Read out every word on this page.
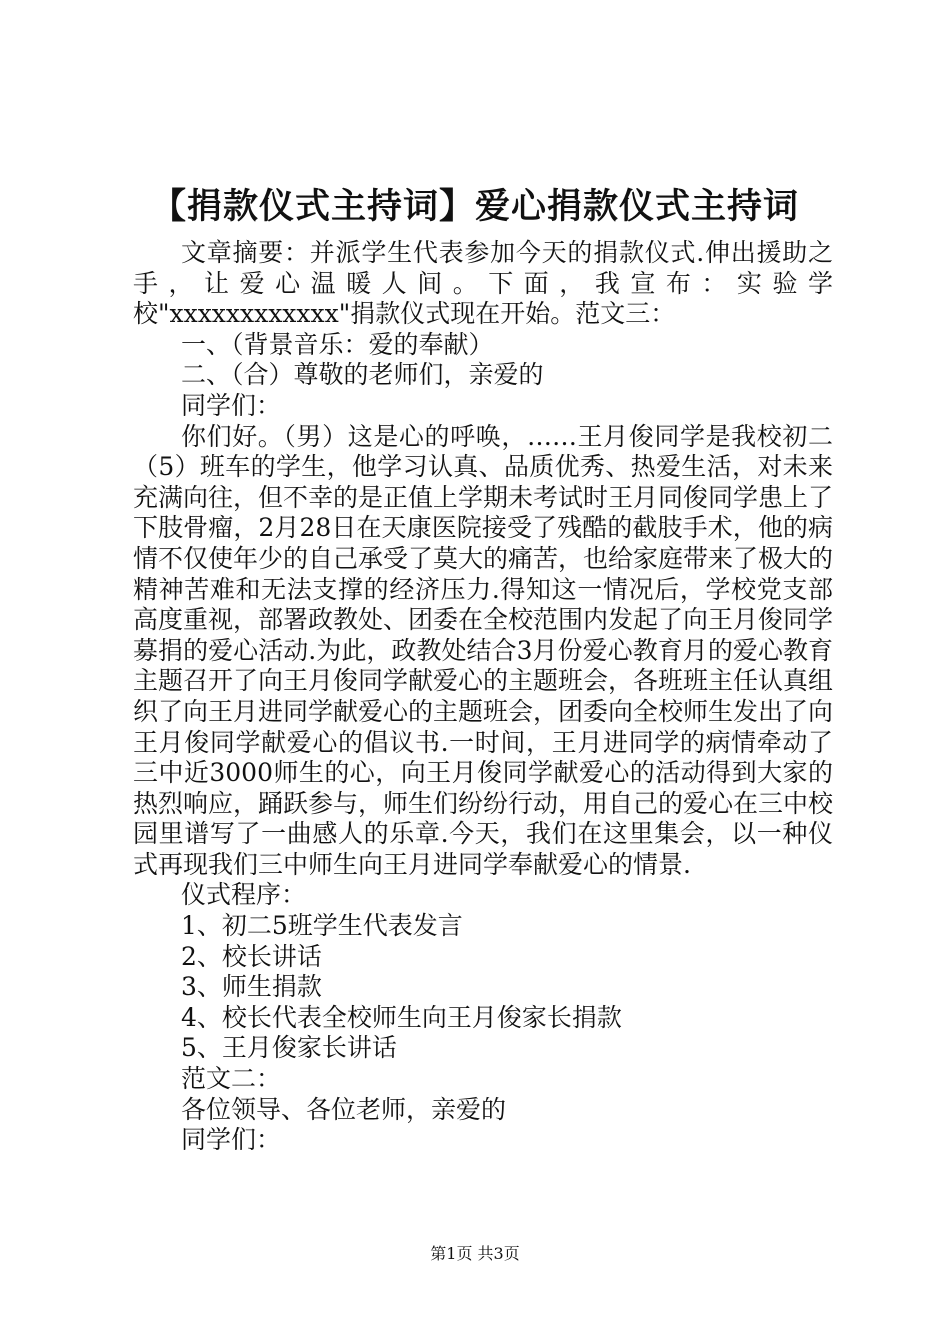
【捐款仪式主持词】爱心捐款仪式主持词

文章摘要：并派学生代表参加今天的捐款仪式.伸出援助之手，让爱心温暖人间。下面，我宣布：实验学校"xxxxxxxxxxxx"捐款仪式现在开始。范文三：

一、（背景音乐：爱的奉献）

二、（合）尊敬的老师们，亲爱的

同学们：

你们好。（男）这是心的呼唤，……王月俊同学是我校初二（5）班车的学生，他学习认真、品质优秀、热爱生活，对未来充满向往，但不幸的是正值上学期未考试时王月同俊同学患上了下肢骨瘤，2月28日在天康医院接受了残酷的截肢手术，他的病情不仅使年少的自己承受了莫大的痛苦，也给家庭带来了极大的精神苦难和无法支撑的经济压力.得知这一情况后，学校党支部高度重视，部署政教处、团委在全校范围内发起了向王月俊同学募捐的爱心活动.为此，政教处结合3月份爱心教育月的爱心教育主题召开了向王月俊同学献爱心的主题班会，各班班主任认真组织了向王月进同学献爱心的主题班会，团委向全校师生发出了向王月俊同学献爱心的倡议书.一时间，王月进同学的病情牵动了三中近3000师生的心，向王月俊同学献爱心的活动得到大家的热烈响应，踊跃参与，师生们纷纷行动，用自己的爱心在三中校园里谱写了一曲感人的乐章.今天，我们在这里集会，以一种仪式再现我们三中师生向王月进同学奉献爱心的情景.

仪式程序：

1、初二5班学生代表发言

2、校长讲话

3、师生捐款

4、校长代表全校师生向王月俊家长捐款

5、王月俊家长讲话

范文二：

各位领导、各位老师，亲爱的

同学们：

第1页 共3页
